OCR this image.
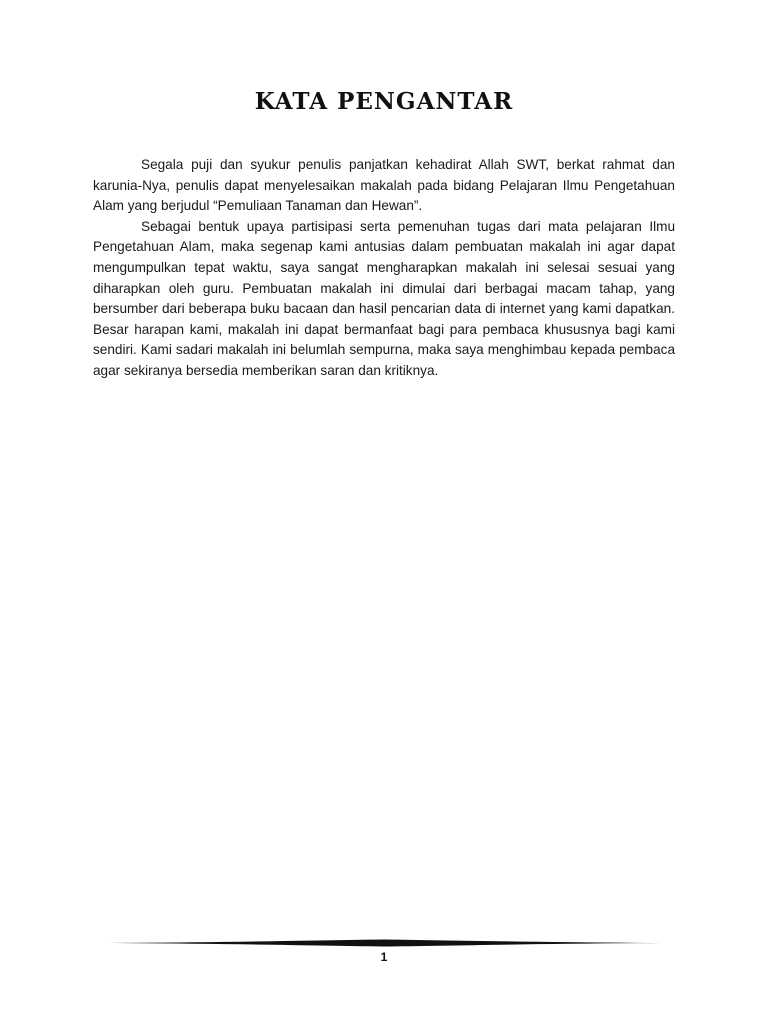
KATA PENGANTAR

Segala puji dan syukur penulis panjatkan kehadirat Allah SWT, berkat rahmat dan karunia-Nya, penulis dapat menyelesaikan makalah pada bidang Pelajaran Ilmu Pengetahuan Alam yang berjudul “Pemuliaan Tanaman dan Hewan”.

Sebagai bentuk upaya partisipasi serta pemenuhan tugas dari mata pelajaran Ilmu Pengetahuan Alam, maka segenap kami antusias dalam pembuatan makalah ini agar dapat mengumpulkan tepat waktu, saya sangat mengharapkan makalah ini selesai sesuai yang diharapkan oleh guru. Pembuatan makalah ini dimulai dari berbagai macam tahap, yang bersumber dari beberapa buku bacaan dan hasil pencarian data di internet yang kami dapatkan. Besar harapan kami, makalah ini dapat bermanfaat bagi para pembaca khususnya bagi kami sendiri. Kami sadari makalah ini belumlah sempurna, maka saya menghimbau kepada pembaca agar sekiranya bersedia memberikan saran dan kritiknya.

1
